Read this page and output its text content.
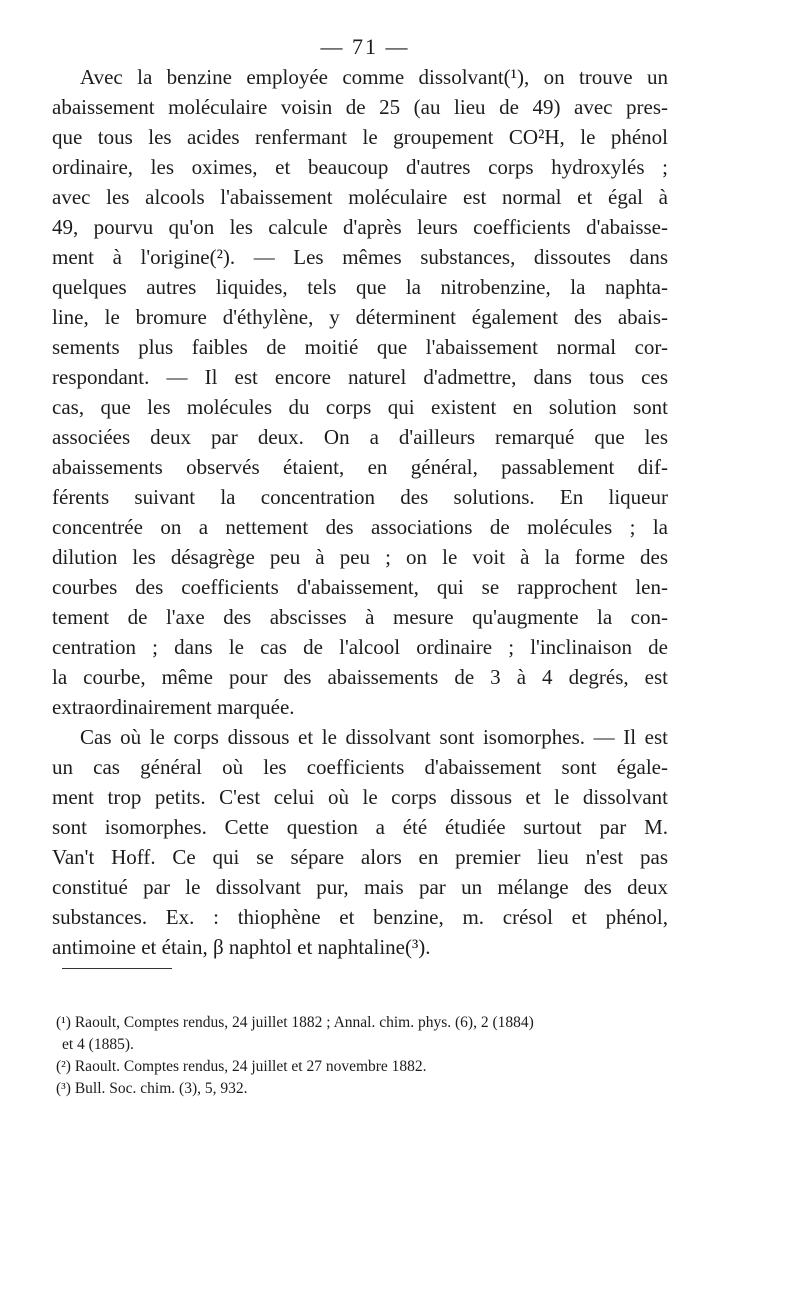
— 71 —
Avec la benzine employée comme dissolvant(¹), on trouve un
abaissement moléculaire voisin de 25 (au lieu de 49) avec pres-
que tous les acides renfermant le groupement CO²H, le phénol
ordinaire, les oximes, et beaucoup d'autres corps hydroxylés ;
avec les alcools l'abaissement moléculaire est normal et égal à
49, pourvu qu'on les calcule d'après leurs coefficients d'abaisse-
ment à l'origine(²). — Les mêmes substances, dissoutes dans
quelques autres liquides, tels que la nitrobenzine, la naphta-
line, le bromure d'éthylène, y déterminent également des abais-
sements plus faibles de moitié que l'abaissement normal cor-
respondant. — Il est encore naturel d'admettre, dans tous ces
cas, que les molécules du corps qui existent en solution sont
associées deux par deux. On a d'ailleurs remarqué que les
abaissements observés étaient, en général, passablement dif-
férents suivant la concentration des solutions. En liqueur
concentrée on a nettement des associations de molécules ; la
dilution les désagrège peu à peu ; on le voit à la forme des
courbes des coefficients d'abaissement, qui se rapprochent len-
tement de l'axe des abscisses à mesure qu'augmente la con-
centration ; dans le cas de l'alcool ordinaire ; l'inclinaison de
la courbe, même pour des abaissements de 3 à 4 degrés, est
extraordinairement marquée.
Cas où le corps dissous et le dissolvant sont isomorphes. — Il est
un cas général où les coefficients d'abaissement sont égale-
ment trop petits. C'est celui où le corps dissous et le dissolvant
sont isomorphes. Cette question a été étudiée surtout par M.
Van't Hoff. Ce qui se sépare alors en premier lieu n'est pas
constitué par le dissolvant pur, mais par un mélange des deux
substances. Ex. : thiophène et benzine, m. crésol et phénol,
antimoine et étain, β naphtol et naphtaline(³).
(¹) Raoult, Comptes rendus, 24 juillet 1882 ; Annal. chim. phys. (6), 2 (1884)
et 4 (1885).
(²) Raoult. Comptes rendus, 24 juillet et 27 novembre 1882.
(³) Bull. Soc. chim. (3), 5, 932.
